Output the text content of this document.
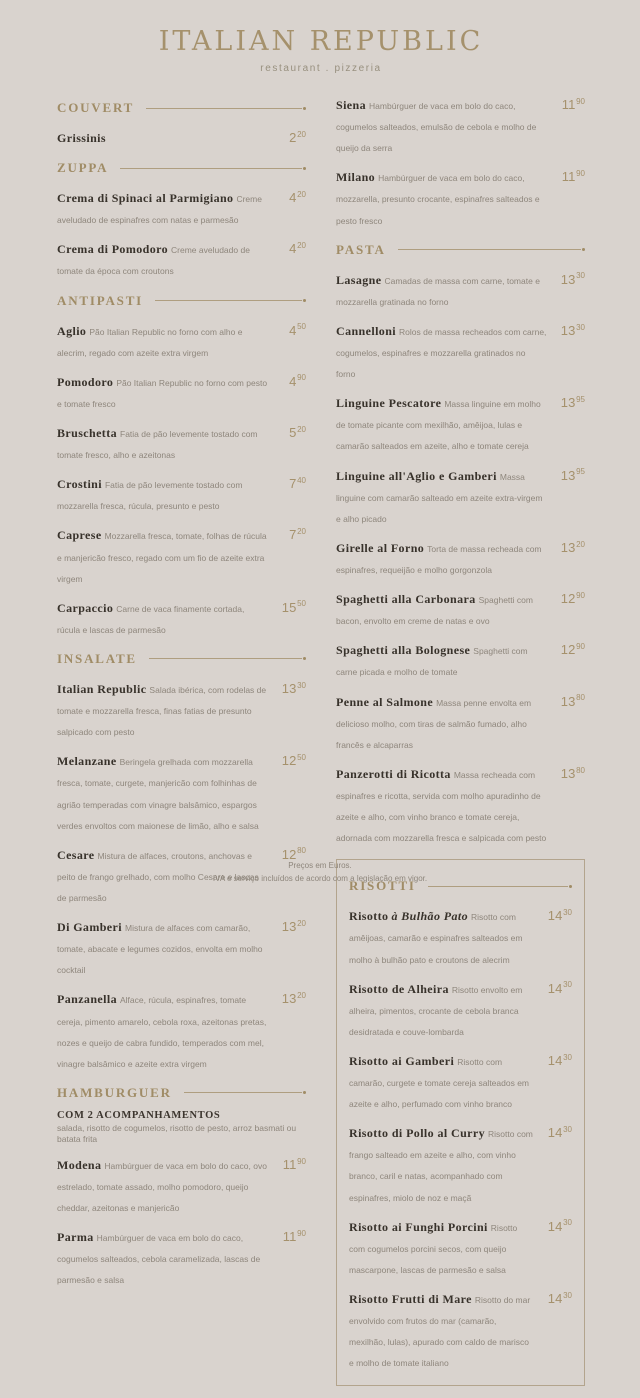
ITALIAN REPUBLIC
restaurant . pizzeria
COUVERT
Grissinis	$2^{20}$
ZUPPA
Crema di Spinaci al Parmigiano Creme aveludado de espinafres com natas e parmesão
$4^{20}$
Crema di Pomodoro Creme aveludado de tomate da época com croutons
$4^{20}$
ANTIPASTI
Aglio Pão Italian Republic no forno com alho e alecrim, regado com azeite extra virgem
$4^{50}$
Pomodoro Pão Italian Republic no forno com pesto e tomate fresco
$4^{90}$
Bruschetta Fatia de pão levemente tostado com tomate fresco, alho e azeitonas
$5^{20}$
Crostini Fatia de pão levemente tostado com mozzarella fresca, rúcula, presunto e pesto
$7^{40}$
Caprese Mozzarella fresca, tomate, folhas de rúcula e manjericão fresco, regado com um fio de azeite extra virgem
$7^{20}$
Carpaccio Carne de vaca finamente cortada, rúcula e lascas de parmesão
$15^{50}$
INSALATE
Italian Republic Salada ibérica, com rodelas de tomate e mozzarella fresca, finas fatias de presunto salpicado com pesto
$13^{30}$
Melanzane Beringela grelhada com mozzarella fresca, tomate, curgete, manjericão com folhinhas de agrião temperadas com vinagre balsâmico, espargos verdes envoltos com maionese de limão, alho e salsa
$12^{50}$
Cesare Mistura de alfaces, croutons, anchovas e peito de frango grelhado, com molho Cesare e lascas de parmesão
$12^{80}$
Di Gamberi Mistura de alfaces com camarão, tomate, abacate e legumes cozidos, envolta em molho cocktail
$13^{20}$
Panzanella Alface, rúcula, espinafres, tomate cereja, pimento amarelo, cebola roxa, azeitonas pretas, nozes e queijo de cabra fundido, temperados com mel, vinagre balsâmico e azeite extra virgem
$13^{20}$
HAMBURGUER
COM 2 ACOMPANHAMENTOS
salada, risotto de cogumelos, risotto de pesto, arroz basmati ou batata frita
Modena Hambúrguer de vaca em bolo do caco, ovo estrelado, tomate assado, molho pomodoro, queijo cheddar, azeitonas e manjericão
$11^{90}$
Parma Hambúrguer de vaca em bolo do caco, cogumelos salteados, cebola caramelizada, lascas de parmesão e salsa
$11^{90}$
Siena Hambúrguer de vaca em bolo do caco, cogumelos salteados, emulsão de cebola e molho de queijo da serra
$11^{90}$
Milano Hambúrguer de vaca em bolo do caco, mozzarella, presunto crocante, espinafres salteados e pesto fresco
$11^{90}$
PASTA
Lasagne Camadas de massa com carne, tomate e mozzarella gratinada no forno
$13^{30}$
Cannelloni Rolos de massa recheados com carne, cogumelos, espinafres e mozzarella gratinados no forno
$13^{30}$
Linguine Pescatore Massa linguine em molho de tomate picante com mexilhão, amêijoa, lulas e camarão salteados em azeite, alho e tomate cereja
$13^{95}$
Linguine all'Aglio e Gamberi Massa linguine com camarão salteado em azeite extra-virgem e alho picado
$13^{95}$
Girelle al Forno Torta de massa recheada com espinafres, requeijão e molho gorgonzola
$13^{20}$
Spaghetti alla Carbonara Spaghetti com bacon, envolto em creme de natas e ovo
$12^{90}$
Spaghetti alla Bolognese Spaghetti com carne picada e molho de tomate
$12^{90}$
Penne al Salmone Massa penne envolta em delicioso molho, com tiras de salmão fumado, alho francês e alcaparras
$13^{80}$
Panzerotti di Ricotta Massa recheada com espinafres e ricotta, servida com molho apuradinho de azeite e alho, com vinho branco e tomate cereja, adornada com mozzarella fresca e salpicada com pesto
$13^{80}$
RISOTTI
Risotto à Bulhão Pato Risotto com amêijoas, camarão e espinafres salteados em molho à bulhão pato e croutons de alecrim
$14^{30}$
Risotto de Alheira Risotto envolto em alheira, pimentos, crocante de cebola branca desidratada e couve-lombarda
$14^{30}$
Risotto ai Gamberi Risotto com camarão, curgete e tomate cereja salteados em azeite e alho, perfumado com vinho branco
$14^{30}$
Risotto di Pollo al Curry Risotto com frango salteado em azeite e alho, com vinho branco, caril e natas, acompanhado com espinafres, miolo de noz e maçã
$14^{30}$
Risotto ai Funghi Porcini Risotto com cogumelos porcini secos, com queijo mascarpone, lascas de parmesão e salsa
$14^{30}$
Risotto Frutti di Mare Risotto do mar envolvido com frutos do mar (camarão, mexilhão, lulas), apurado com caldo de marisco e molho de tomate italiano
$14^{30}$
Preços em Euros.
IVA e serviço incluídos de acordo com a legislação em vigor.
